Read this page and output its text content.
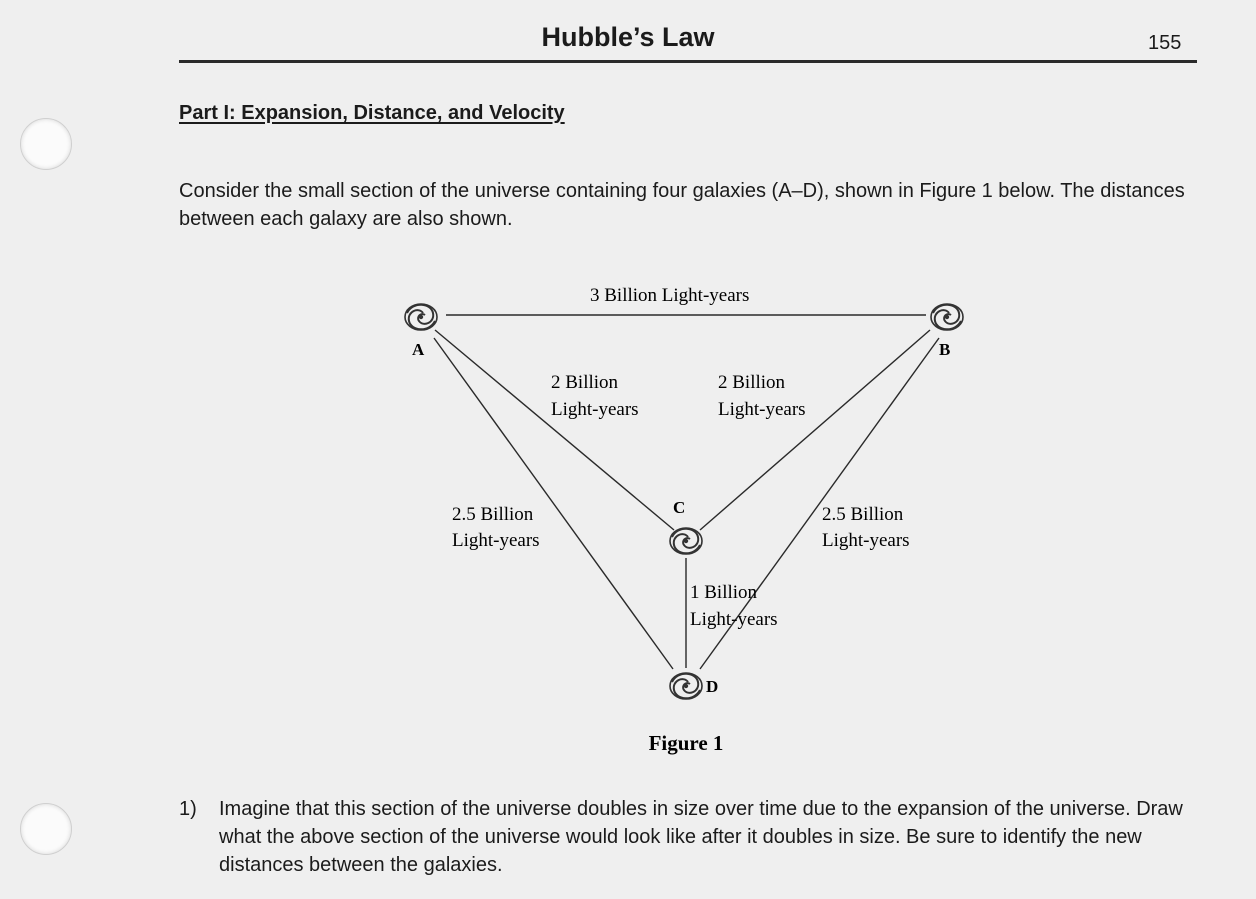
Hubble’s Law	155
Part I: Expansion, Distance, and Velocity
Consider the small section of the universe containing four galaxies (A–D), shown in Figure 1 below. The distances between each galaxy are also shown.
A	B
C
D
3 Billion Light-years
2 Billion
Light-years
2 Billion
Light-years
2.5 Billion
Light-years
2.5 Billion
Light-years
1 Billion
Light-years
Figure 1
1) Imagine that this section of the universe doubles in size over time due to the expansion of the universe. Draw what the above section of the universe would look like after it doubles in size. Be sure to identify the new distances between the galaxies.
